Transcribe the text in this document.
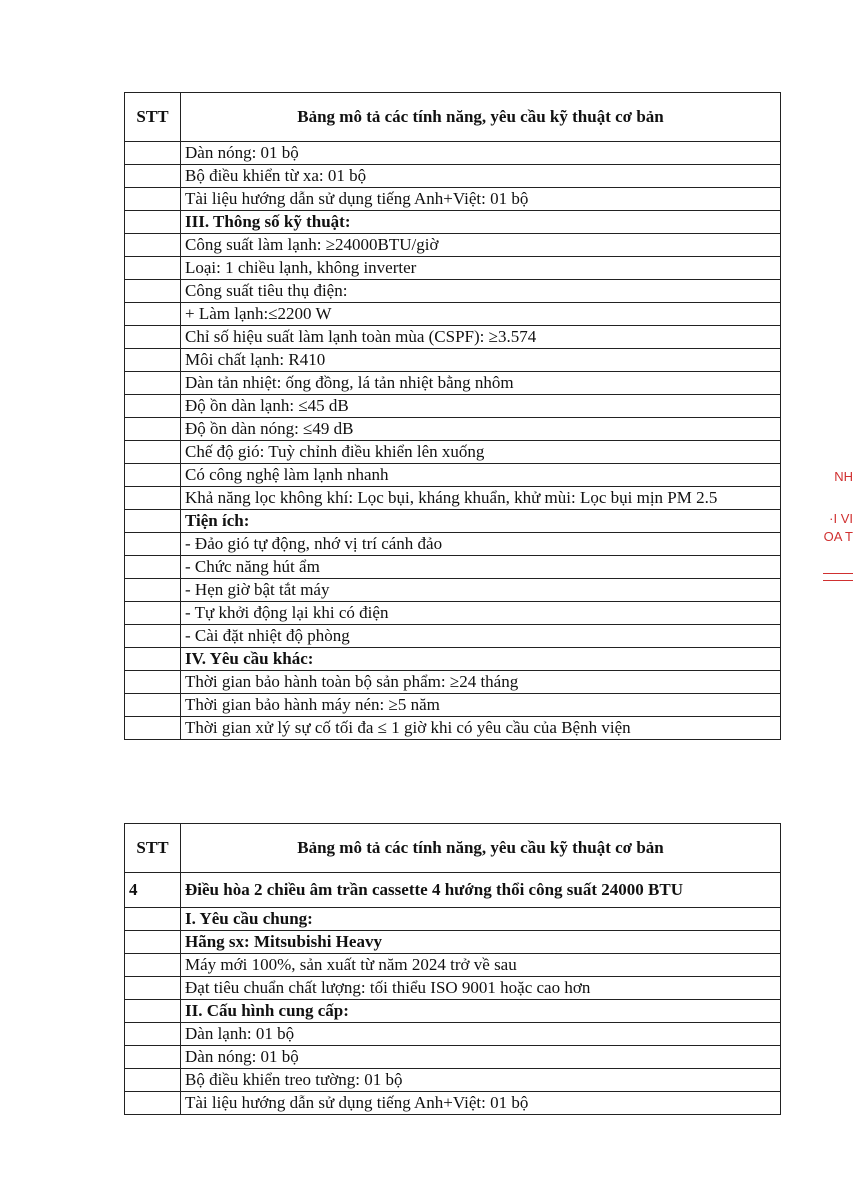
STT	Bảng mô tả các tính năng, yêu cầu kỹ thuật cơ bản
	Dàn nóng: 01 bộ
	Bộ điều khiển từ xa: 01 bộ
	Tài liệu hướng dẫn sử dụng tiếng Anh+Việt: 01 bộ
	III. Thông số kỹ thuật:
	Công suất làm lạnh: ≥24000BTU/giờ
	Loại: 1 chiều lạnh, không inverter
	Công suất tiêu thụ điện:
	+ Làm lạnh:≤2200 W
	Chỉ số hiệu suất làm lạnh toàn mùa (CSPF): ≥3.574
	Môi chất lạnh: R410
	Dàn tản nhiệt: ống đồng, lá tản nhiệt bằng nhôm
	Độ ồn dàn lạnh: ≤45 dB
	Độ ồn dàn nóng: ≤49 dB
	Chế độ gió: Tuỳ chỉnh điều khiển lên xuống
	Có công nghệ làm lạnh nhanh
	Khả năng lọc không khí: Lọc bụi, kháng khuẩn, khử mùi: Lọc bụi mịn PM 2.5
	Tiện ích:
	- Đảo gió tự động, nhớ vị trí cánh đảo
	- Chức năng hút ẩm
	- Hẹn giờ bật tắt máy
	- Tự khởi động lại khi có điện
	- Cài đặt nhiệt độ phòng
	IV. Yêu cầu khác:
	Thời gian bảo hành toàn bộ sản phẩm: ≥24 tháng
	Thời gian bảo hành máy nén: ≥5 năm
	Thời gian xử lý sự cố tối đa ≤ 1 giờ khi có yêu cầu của Bệnh viện
STT	Bảng mô tả các tính năng, yêu cầu kỹ thuật cơ bản
4	Điều hòa 2 chiều âm trần cassette 4 hướng thổi công suất 24000 BTU
	I. Yêu cầu chung:
	Hãng sx: Mitsubishi Heavy
	Máy mới 100%, sản xuất từ năm 2024 trở về sau
	Đạt tiêu chuẩn chất lượng: tối thiểu ISO 9001 hoặc cao hơn
	II. Cấu hình cung cấp:
	Dàn lạnh: 01 bộ
	Dàn nóng: 01 bộ
	Bộ điều khiển treo tường: 01 bộ
	Tài liệu hướng dẫn sử dụng tiếng Anh+Việt: 01 bộ
NH
·I VI
OA T
